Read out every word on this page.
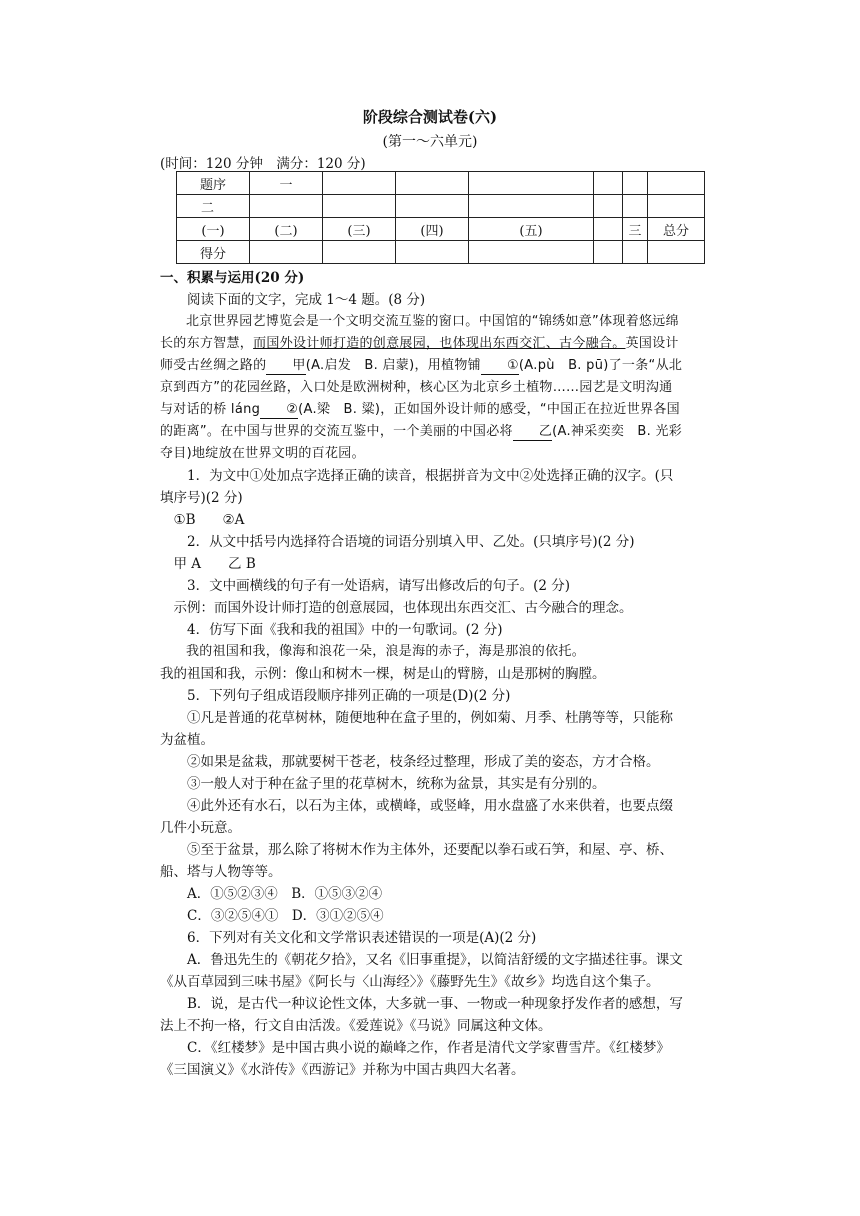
阶段综合测试卷(六)
(第一～六单元)
(时间：120 分钟　满分：120 分)
题序	一						
二							
(一)	(二)	(三)	(四)	(五)		三	总分
得分							

一、积累与运用(20 分)

阅读下面的文字，完成 1～4 题。(8 分)

北京世界园艺博览会是一个文明交流互鉴的窗口。中国馆的“锦绣如意”体现着悠远绵长的东方智慧，而国外设计师打造的创意展园，也体现出东西交汇、古今融合。英国设计师受古丝绸之路的 甲(A.启发　B. 启蒙)，用植物铺 ①(A.pù　B. pū)了一条“从北京到西方”的花园丝路，入口处是欧洲树种，核心区为北京乡土植物……园艺是文明沟通与对话的桥 láng ②(A.梁　B. 粱)，正如国外设计师的感受，“中国正在拉近世界各国的距离”。在中国与世界的交流互鉴中，一个美丽的中国必将 乙(A.神采奕奕　B. 光彩夺目)地绽放在世界文明的百花园。

1．为文中①处加点字选择正确的读音，根据拼音为文中②处选择正确的汉字。(只填序号)(2 分)

①B　　②A

2．从文中括号内选择符合语境的词语分别填入甲、乙处。(只填序号)(2 分)

甲 A　　乙 B

3．文中画横线的句子有一处语病，请写出修改后的句子。(2 分)

示例：而国外设计师打造的创意展园，也体现出东西交汇、古今融合的理念。

4．仿写下面《我和我的祖国》中的一句歌词。(2 分)

我的祖国和我，像海和浪花一朵，浪是海的赤子，海是那浪的依托。

我的祖国和我，示例：像山和树木一棵，树是山的臂膀，山是那树的胸膛。

5．下列句子组成语段顺序排列正确的一项是(D)(2 分)

①凡是普通的花草树林，随便地种在盒子里的，例如菊、月季、杜鹃等等，只能称为盆植。

②如果是盆栽，那就要树干苍老，枝条经过整理，形成了美的姿态，方才合格。

③一般人对于种在盆子里的花草树木，统称为盆景，其实是有分别的。

④此外还有水石，以石为主体，或横峰，或竖峰，用水盘盛了水来供着，也要点缀几件小玩意。

⑤至于盆景，那么除了将树木作为主体外，还要配以拳石或石笋，和屋、亭、桥、船、塔与人物等等。

A．①⑤②③④　B．①⑤③②④

C．③②⑤④①　D．③①②⑤④

6．下列对有关文化和文学常识表述错误的一项是(A)(2 分)

A．鲁迅先生的《朝花夕拾》，又名《旧事重提》，以简洁舒缓的文字描述往事。课文《从百草园到三味书屋》《阿长与〈山海经〉》《藤野先生》《故乡》均选自这个集子。

B．说，是古代一种议论性文体，大多就一事、一物或一种现象抒发作者的感想，写法上不拘一格，行文自由活泼。《爱莲说》《马说》同属这种文体。

C．《红楼梦》是中国古典小说的巅峰之作，作者是清代文学家曹雪芹。《红楼梦》《三国演义》《水浒传》《西游记》并称为中国古典四大名著。
